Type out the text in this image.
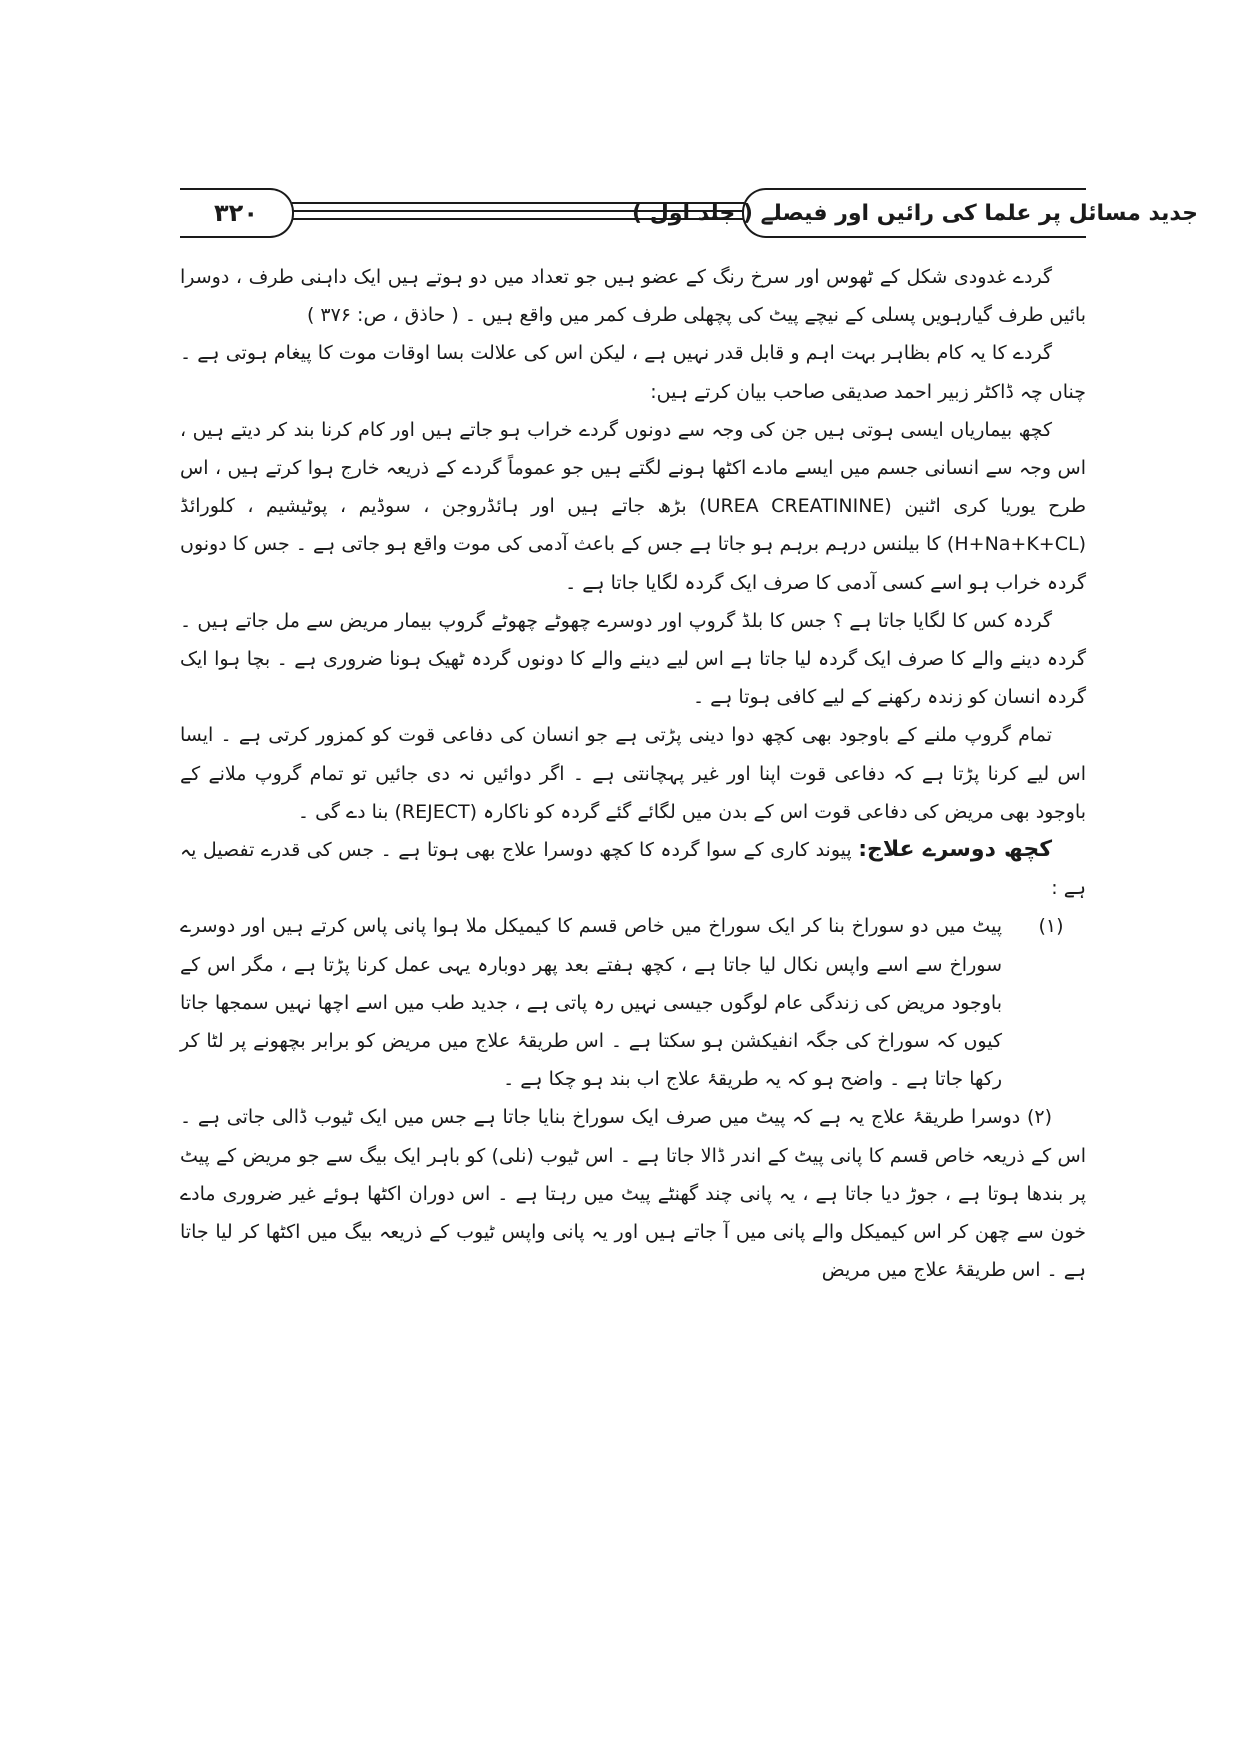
۳۲۰	جدید مسائل پر علما کی رائیں اور فیصلے ( جلد اول )

گردے غدودی شکل کے ٹھوس اور سرخ رنگ کے عضو ہیں جو تعداد میں دو ہوتے ہیں ایک داہنی طرف ، دوسرا بائیں طرف گیارہویں پسلی کے نیچے پیٹ کی پچھلی طرف کمر میں واقع ہیں ۔ ( حاذق ، ص: ۳۷۶ )

گردے کا یہ کام بظاہر بہت اہم و قابل قدر نہیں ہے ، لیکن اس کی علالت بسا اوقات موت کا پیغام ہوتی ہے ۔ چناں چہ ڈاکٹر زبیر احمد صدیقی صاحب بیان کرتے ہیں:

کچھ بیماریاں ایسی ہوتی ہیں جن کی وجہ سے دونوں گردے خراب ہو جاتے ہیں اور کام کرنا بند کر دیتے ہیں ، اس وجہ سے انسانی جسم میں ایسے مادے اکٹھا ہونے لگتے ہیں جو عموماً گردے کے ذریعہ خارج ہوا کرتے ہیں ، اس طرح یوریا کری اٹنین (UREA CREATININE) بڑھ جاتے ہیں اور ہائڈروجن ، سوڈیم ، پوٹیشیم ، کلورائڈ (H+Na+K+CL) کا بیلنس درہم برہم ہو جاتا ہے جس کے باعث آدمی کی موت واقع ہو جاتی ہے ۔ جس کا دونوں گردہ خراب ہو اسے کسی آدمی کا صرف ایک گردہ لگایا جاتا ہے ۔

گردہ کس کا لگایا جاتا ہے ؟ جس کا بلڈ گروپ اور دوسرے چھوٹے چھوٹے گروپ بیمار مریض سے مل جاتے ہیں ۔ گردہ دینے والے کا صرف ایک گردہ لیا جاتا ہے اس لیے دینے والے کا دونوں گردہ ٹھیک ہونا ضروری ہے ۔ بچا ہوا ایک گردہ انسان کو زندہ رکھنے کے لیے کافی ہوتا ہے ۔

تمام گروپ ملنے کے باوجود بھی کچھ دوا دینی پڑتی ہے جو انسان کی دفاعی قوت کو کمزور کرتی ہے ۔ ایسا اس لیے کرنا پڑتا ہے کہ دفاعی قوت اپنا اور غیر پہچانتی ہے ۔ اگر دوائیں نہ دی جائیں تو تمام گروپ ملانے کے باوجود بھی مریض کی دفاعی قوت اس کے بدن میں لگائے گئے گردہ کو ناکارہ (REJECT) بنا دے گی ۔

کچھ دوسرے علاج: پیوند کاری کے سوا گردہ کا کچھ دوسرا علاج بھی ہوتا ہے ۔ جس کی قدرے تفصیل یہ ہے :

(۱)
پیٹ میں دو سوراخ بنا کر ایک سوراخ میں خاص قسم کا کیمیکل ملا ہوا پانی پاس کرتے ہیں اور دوسرے سوراخ سے اسے واپس نکال لیا جاتا ہے ، کچھ ہفتے بعد پھر دوبارہ یہی عمل کرنا پڑتا ہے ، مگر اس کے باوجود مریض کی زندگی عام لوگوں جیسی نہیں رہ پاتی ہے ، جدید طب میں اسے اچھا نہیں سمجھا جاتا کیوں کہ سوراخ کی جگہ انفیکشن ہو سکتا ہے ۔ اس طریقۂ علاج میں مریض کو برابر بچھونے پر لٹا کر رکھا جاتا ہے ۔ واضح ہو کہ یہ طریقۂ علاج اب بند ہو چکا ہے ۔

(۲) دوسرا طریقۂ علاج یہ ہے کہ پیٹ میں صرف ایک سوراخ بنایا جاتا ہے جس میں ایک ٹیوب ڈالی جاتی ہے ۔ اس کے ذریعہ خاص قسم کا پانی پیٹ کے اندر ڈالا جاتا ہے ۔ اس ٹیوب (نلی) کو باہر ایک بیگ سے جو مریض کے پیٹ پر بندھا ہوتا ہے ، جوڑ دیا جاتا ہے ، یہ پانی چند گھنٹے پیٹ میں رہتا ہے ۔ اس دوران اکٹھا ہوئے غیر ضروری مادے خون سے چھن کر اس کیمیکل والے پانی میں آ جاتے ہیں اور یہ پانی واپس ٹیوب کے ذریعہ بیگ میں اکٹھا کر لیا جاتا ہے ۔ اس طریقۂ علاج میں مریض
